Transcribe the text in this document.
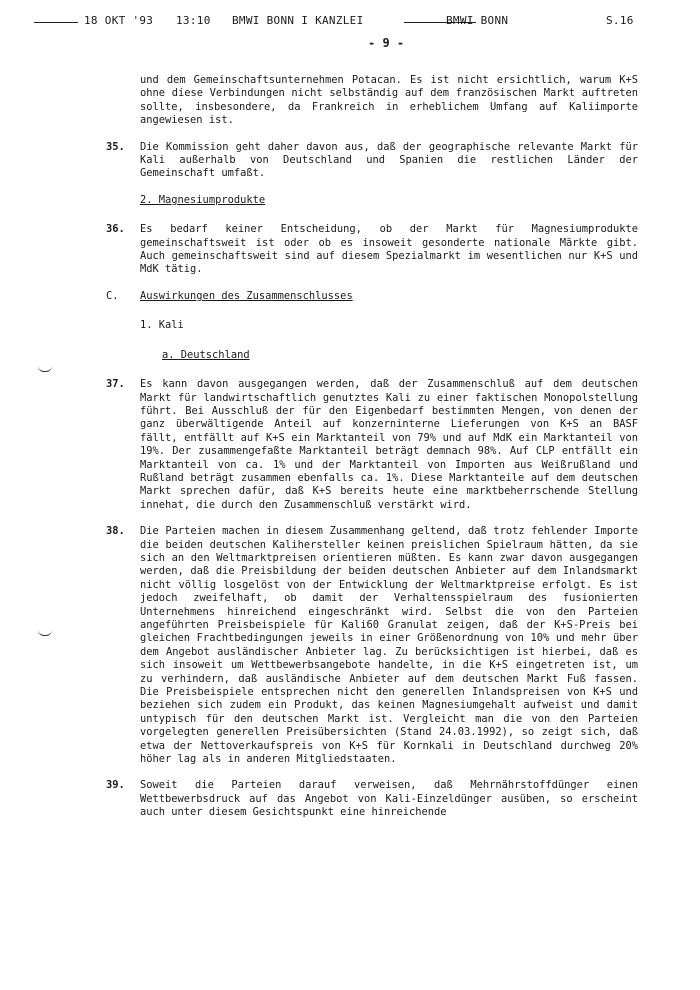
18 OKT '93 13:10 BMWI BONN I KANZLEI	BMWI BONN	S.16
- 9 -

und dem Gemeinschaftsunternehmen Potacan. Es ist nicht ersichtlich, warum K+S ohne diese Verbindungen nicht selbständig auf dem französischen Markt auftreten sollte, insbesondere, da Frankreich in erheblichem Umfang auf Kaliimporte angewiesen ist.

35. Die Kommission geht daher davon aus, daß der geographische relevante Markt für Kali außerhalb von Deutschland und Spanien die restlichen Länder der Gemeinschaft umfaßt.

2. Magnesiumprodukte

36. Es bedarf keiner Entscheidung, ob der Markt für Magnesiumprodukte gemeinschaftsweit ist oder ob es insoweit gesonderte nationale Märkte gibt. Auch gemeinschaftsweit sind auf diesem Spezialmarkt im wesentlichen nur K+S und MdK tätig.
C. Auswirkungen des Zusammenschlusses

1. Kali

a. Deutschland

37. Es kann davon ausgegangen werden, daß der Zusammenschluß auf dem deutschen Markt für landwirtschaftlich genutztes Kali zu einer faktischen Monopolstellung führt. Bei Ausschluß der für den Eigenbedarf bestimmten Mengen, von denen der ganz überwältigende Anteil auf konzerninterne Lieferungen von K+S an BASF fällt, entfällt auf K+S ein Marktanteil von 79% und auf MdK ein Marktanteil von 19%. Der zusammengefaßte Marktanteil beträgt demnach 98%. Auf CLP entfällt ein Marktanteil von ca. 1% und der Marktanteil von Importen aus Weißrußland und Rußland beträgt zusammen ebenfalls ca. 1%. Diese Marktanteile auf dem deutschen Markt sprechen dafür, daß K+S bereits heute eine marktbeherrschende Stellung innehat, die durch den Zusammenschluß verstärkt wird.
38. Die Parteien machen in diesem Zusammenhang geltend, daß trotz fehlender Importe die beiden deutschen Kalihersteller keinen preislichen Spielraum hätten, da sie sich an den Weltmarktpreisen orientieren müßten. Es kann zwar davon ausgegangen werden, daß die Preisbildung der beiden deutschen Anbieter auf dem Inlandsmarkt nicht völlig losgelöst von der Entwicklung der Weltmarktpreise erfolgt. Es ist jedoch zweifelhaft, ob damit der Verhaltensspielraum des fusionierten Unternehmens hinreichend eingeschränkt wird. Selbst die von den Parteien angeführten Preisbeispiele für Kali60 Granulat zeigen, daß der K+S-Preis bei gleichen Frachtbedingungen jeweils in einer Größenordnung von 10% und mehr über dem Angebot ausländischer Anbieter lag. Zu berücksichtigen ist hierbei, daß es sich insoweit um Wettbewerbsangebote handelte, in die K+S eingetreten ist, um zu verhindern, daß ausländische Anbieter auf dem deutschen Markt Fuß fassen. Die Preisbeispiele entsprechen nicht den generellen Inlandspreisen von K+S und beziehen sich zudem ein Produkt, das keinen Magnesiumgehalt aufweist und damit untypisch für den deutschen Markt ist. Vergleicht man die von den Parteien vorgelegten generellen Preisübersichten (Stand 24.03.1992), so zeigt sich, daß etwa der Nettoverkaufspreis von K+S für Kornkali in Deutschland durchweg 20% höher lag als in anderen Mitgliedstaaten.
39. Soweit die Parteien darauf verweisen, daß Mehrnährstoffdünger einen Wettbewerbsdruck auf das Angebot von Kali-Einzeldünger ausüben, so erscheint auch unter diesem Gesichtspunkt eine hinreichende
